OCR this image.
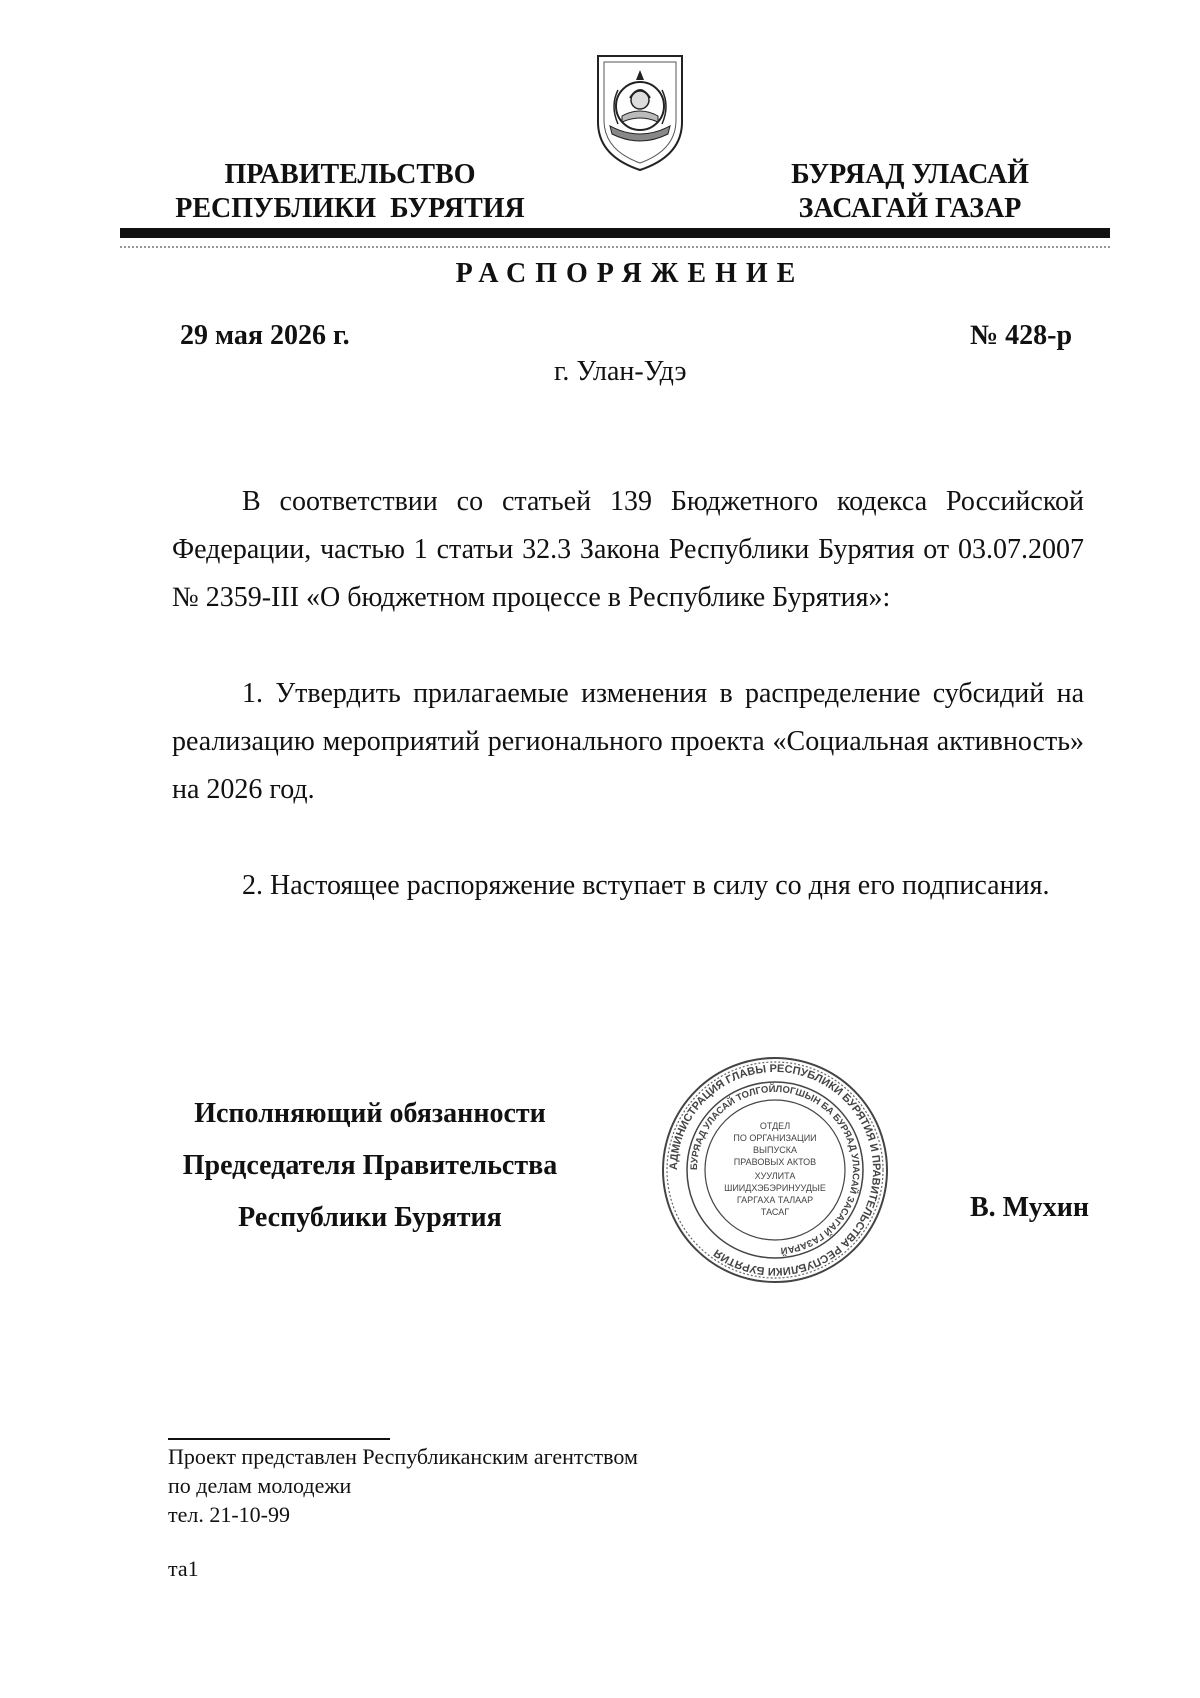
ПРАВИТЕЛЬСТВО
РЕСПУБЛИКИ  БУРЯТИЯ
БУРЯАД УЛАСАЙ
ЗАСАГАЙ ГАЗАР
РАСПОРЯЖЕНИЕ
29 мая 2026 г.	№ 428-р
г. Улан-Удэ
В соответствии со статьей 139 Бюджетного кодекса Российской Федерации, частью 1 статьи 32.3 Закона Республики Бурятия от 03.07.2007 № 2359-III «О бюджетном процессе в Республике Бурятия»:
1. Утвердить прилагаемые изменения в распределение субсидий на реализацию мероприятий регионального проекта «Социальная активность» на 2026 год.
2. Настоящее распоряжение вступает в силу со дня его подписания.
Исполняющий обязанности
Председателя Правительства
Республики Бурятия
АДМИНИСТРАЦИЯ ГЛАВЫ РЕСПУБЛИКИ БУРЯТИЯ И ПРАВИТЕЛЬСТВА РЕСПУБЛИКИ БУРЯТИЯ
БУРЯАД УЛАСАЙ ТОЛГОЙЛОГШЫН БА БУРЯАД УЛАСАЙ ЗАСАГАЙ ГАЗАРАЙ
ОТДЕЛ
ПО ОРГАНИЗАЦИИ
ВЫПУСКА
ПРАВОВЫХ АКТОВ
ХУУЛИТА
ШИИДХЭБЭРИНУУДЫЕ
ГАРГАХА ТАЛААР
ТАСАГ	В. Мухин
Проект представлен Республиканским агентством
по делам молодежи
тел. 21-10-99
та1
